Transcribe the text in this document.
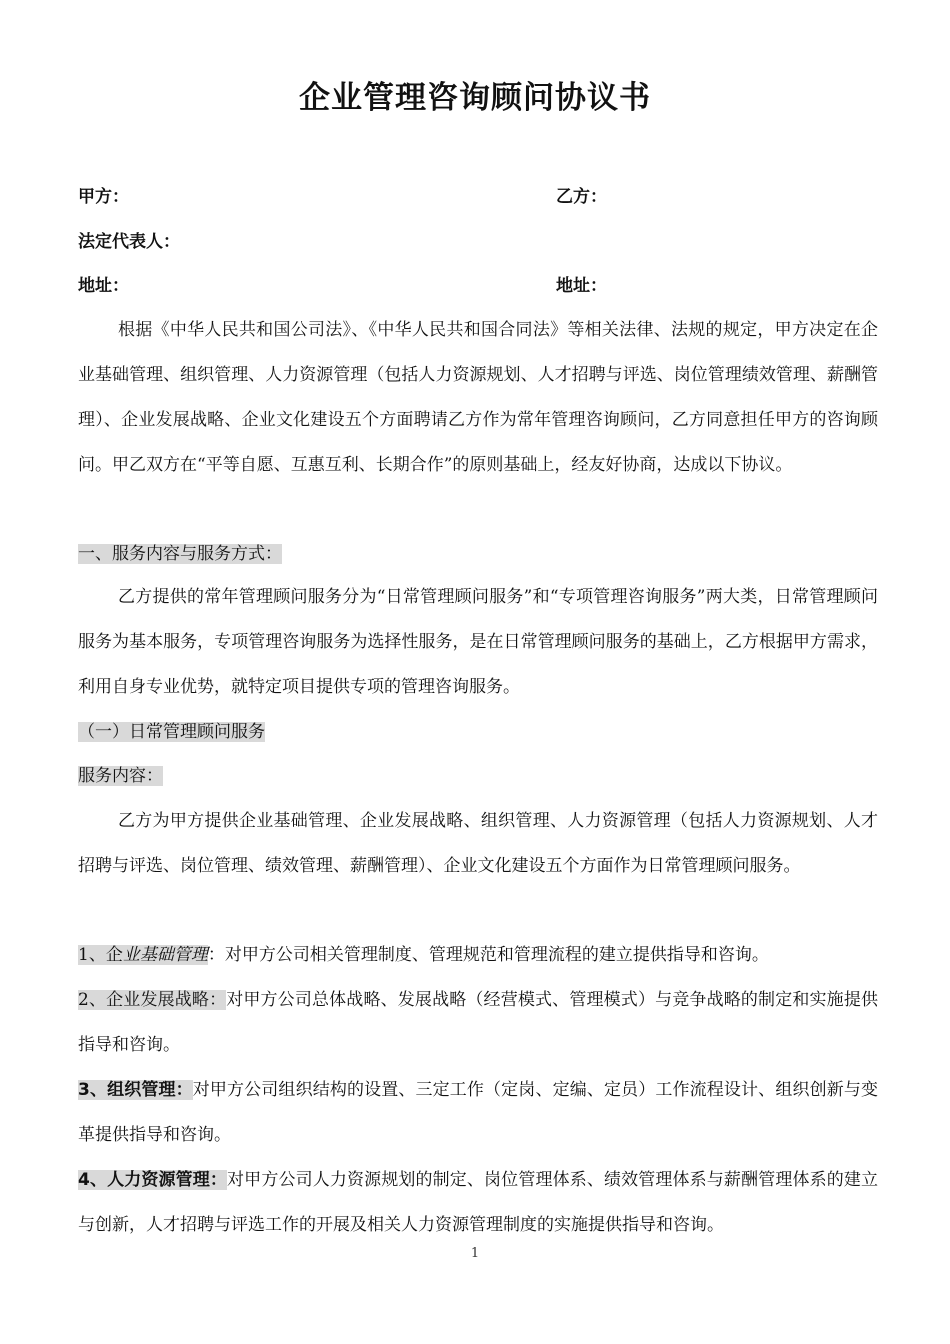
企业管理咨询顾问协议书
甲方：	乙方：
法定代表人：
地址：	地址：
根据《中华人民共和国公司法》、《中华人民共和国合同法》等相关法律、法规的规定，甲方决定在企业基础管理、组织管理、人力资源管理（包括人力资源规划、人才招聘与评选、岗位管理绩效管理、薪酬管理）、企业发展战略、企业文化建设五个方面聘请乙方作为常年管理咨询顾问，乙方同意担任甲方的咨询顾问。甲乙双方在“平等自愿、互惠互利、长期合作”的原则基础上，经友好协商，达成以下协议。
一、服务内容与服务方式：
乙方提供的常年管理顾问服务分为“日常管理顾问服务”和“专项管理咨询服务”两大类，日常管理顾问服务为基本服务，专项管理咨询服务为选择性服务，是在日常管理顾问服务的基础上，乙方根据甲方需求，利用自身专业优势，就特定项目提供专项的管理咨询服务。
（一）日常管理顾问服务
服务内容：
乙方为甲方提供企业基础管理、企业发展战略、组织管理、人力资源管理（包括人力资源规划、人才招聘与评选、岗位管理、绩效管理、薪酬管理）、企业文化建设五个方面作为日常管理顾问服务。
1、企业基础管理：对甲方公司相关管理制度、管理规范和管理流程的建立提供指导和咨询。
2、企业发展战略：对甲方公司总体战略、发展战略（经营模式、管理模式）与竞争战略的制定和实施提供指导和咨询。
3、组织管理：对甲方公司组织结构的设置、三定工作（定岗、定编、定员）工作流程设计、组织创新与变革提供指导和咨询。
4、人力资源管理：对甲方公司人力资源规划的制定、岗位管理体系、绩效管理体系与薪酬管理体系的建立与创新，人才招聘与评选工作的开展及相关人力资源管理制度的实施提供指导和咨询。
1
